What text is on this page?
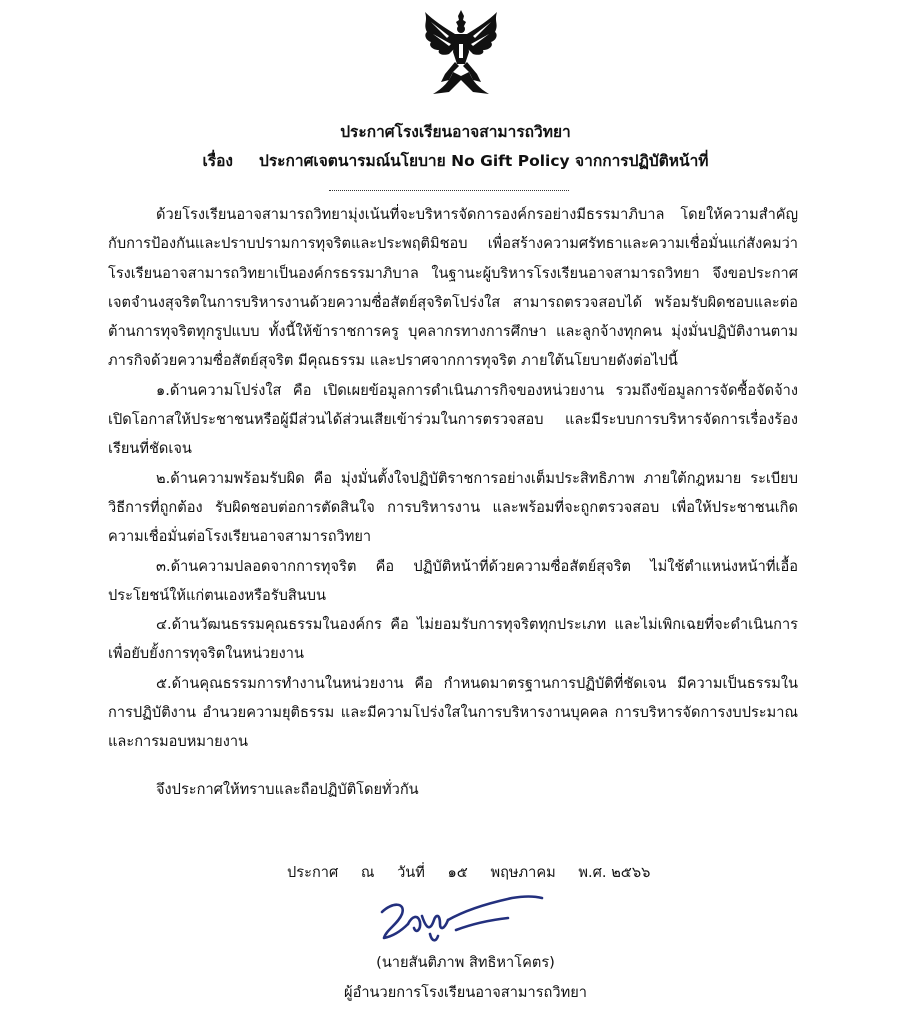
ประกาศโรงเรียนอาจสามารถวิทยา
เรื่อง ประกาศเจตนารมณ์นโยบาย No Gift Policy จากการปฏิบัติหน้าที่

ด้วยโรงเรียนอาจสามารถวิทยามุ่งเน้นที่จะบริหารจัดการองค์กรอย่างมีธรรมาภิบาล โดยให้ความสำคัญกับการป้องกันและปราบปรามการทุจริตและประพฤติมิชอบ เพื่อสร้างความศรัทธาและความเชื่อมั่นแก่สังคมว่าโรงเรียนอาจสามารถวิทยาเป็นองค์กรธรรมาภิบาล ในฐานะผู้บริหารโรงเรียนอาจสามารถวิทยา จึงขอประกาศเจตจำนงสุจริตในการบริหารงานด้วยความซื่อสัตย์สุจริตโปร่งใส สามารถตรวจสอบได้ พร้อมรับผิดชอบและต่อต้านการทุจริตทุกรูปแบบ ทั้งนี้ให้ข้าราชการครู บุคลากรทางการศึกษา และลูกจ้างทุกคน มุ่งมั่นปฏิบัติงานตามภารกิจด้วยความซื่อสัตย์สุจริต มีคุณธรรม และปราศจากการทุจริต ภายใต้นโยบายดังต่อไปนี้

๑.ด้านความโปร่งใส คือ เปิดเผยข้อมูลการดำเนินภารกิจของหน่วยงาน รวมถึงข้อมูลการจัดซื้อจัดจ้าง เปิดโอกาสให้ประชาชนหรือผู้มีส่วนได้ส่วนเสียเข้าร่วมในการตรวจสอบ และมีระบบการบริหารจัดการเรื่องร้องเรียนที่ชัดเจน

๒.ด้านความพร้อมรับผิด คือ มุ่งมั่นตั้งใจปฏิบัติราชการอย่างเต็มประสิทธิภาพ ภายใต้กฎหมาย ระเบียบ วิธีการที่ถูกต้อง รับผิดชอบต่อการตัดสินใจ การบริหารงาน และพร้อมที่จะถูกตรวจสอบ เพื่อให้ประชาชนเกิดความเชื่อมั่นต่อโรงเรียนอาจสามารถวิทยา

๓.ด้านความปลอดจากการทุจริต คือ ปฏิบัติหน้าที่ด้วยความซื่อสัตย์สุจริต ไม่ใช้ตำแหน่งหน้าที่เอื้อประโยชน์ให้แก่ตนเองหรือรับสินบน

๔.ด้านวัฒนธรรมคุณธรรมในองค์กร คือ ไม่ยอมรับการทุจริตทุกประเภท และไม่เพิกเฉยที่จะดำเนินการเพื่อยับยั้งการทุจริตในหน่วยงาน

๕.ด้านคุณธรรมการทำงานในหน่วยงาน คือ กำหนดมาตรฐานการปฏิบัติที่ชัดเจน มีความเป็นธรรมในการปฏิบัติงาน อำนวยความยุติธรรม และมีความโปร่งใสในการบริหารงานบุคคล การบริหารจัดการงบประมาณ และการมอบหมายงาน

จึงประกาศให้ทราบและถือปฏิบัติโดยทั่วกัน

ประกาศ ณ วันที่ ๑๕ พฤษภาคม พ.ศ. ๒๕๖๖
(นายสันติภาพ สิทธิหาโคตร)
ผู้อำนวยการโรงเรียนอาจสามารถวิทยา
